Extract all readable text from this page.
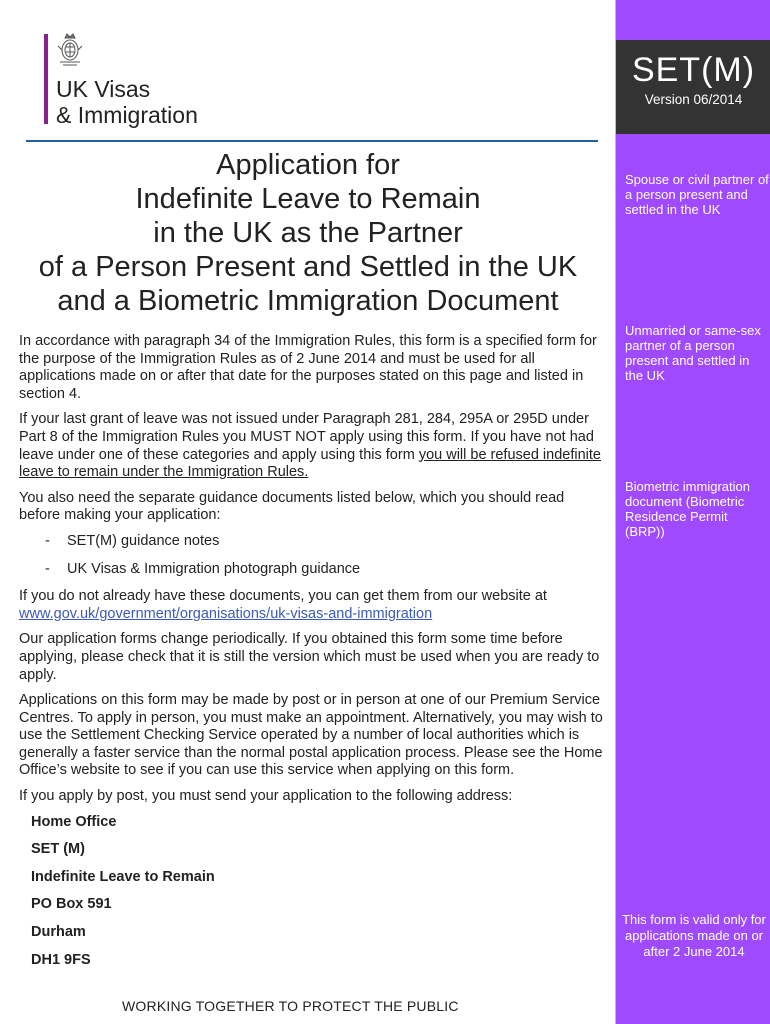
UK Visas
& Immigration
Application for
Indefinite Leave to Remain
in the UK as the Partner
of a Person Present and Settled in the UK
and a Biometric Immigration Document

In accordance with paragraph 34 of the Immigration Rules, this form is a specified form for the purpose of the Immigration Rules as of 2 June 2014 and must be used for all applications made on or after that date for the purposes stated on this page and listed in section 4.

If your last grant of leave was not issued under Paragraph 281, 284, 295A or 295D under Part 8 of the Immigration Rules you MUST NOT apply using this form. If you have not had leave under one of these categories and apply using this form you will be refused indefinite leave to remain under the Immigration Rules.

You also need the separate guidance documents listed below, which you should read before making your application:

- SET(M) guidance notes
- UK Visas & Immigration photograph guidance

If you do not already have these documents, you can get them from our website at
www.gov.uk/government/organisations/uk-visas-and-immigration

Our application forms change periodically. If you obtained this form some time before applying, please check that it is still the version which must be used when you are ready to apply.

Applications on this form may be made by post or in person at one of our Premium Service Centres. To apply in person, you must make an appointment. Alternatively, you may wish to use the Settlement Checking Service operated by a number of local authorities which is generally a faster service than the normal postal application process. Please see the Home Office’s website to see if you can use this service when applying on this form.

If you apply by post, you must send your application to the following address:

Home Office
SET (M)
Indefinite Leave to Remain
PO Box 591
Durham
DH1 9FS
WORKING TOGETHER TO PROTECT THE PUBLIC
SET(M)
Version 06/2014
Spouse or civil partner of a person present and settled in the UK
Unmarried or same-sex partner of a person present and settled in the UK
Biometric immigration document (Biometric Residence Permit (BRP))
This form is valid only for applications made on or after 2 June 2014
